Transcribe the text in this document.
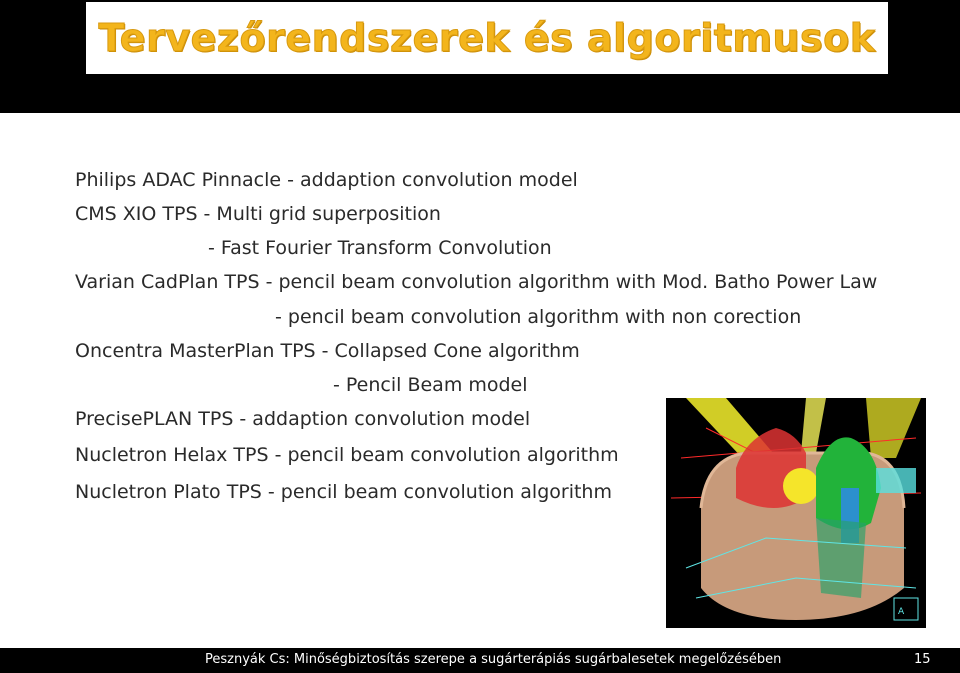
Tervezőrendszerek és algoritmusok
Philips ADAC Pinnacle - addaption convolution model
CMS XIO TPS - Multi grid superposition
- Fast Fourier Transform Convolution
Varian CadPlan TPS - pencil beam convolution algorithm with Mod. Batho Power Law
- pencil beam convolution algorithm with non corection
Oncentra MasterPlan TPS - Collapsed Cone algorithm
- Pencil Beam model
PrecisePLAN TPS - addaption convolution model
Nucletron Helax TPS - pencil beam convolution algorithm
Nucletron Plato TPS - pencil beam convolution algorithm
A
Pesznyák Cs: Minőségbiztosítás szerepe a sugárterápiás sugárbalesetek megelőzésében	15
